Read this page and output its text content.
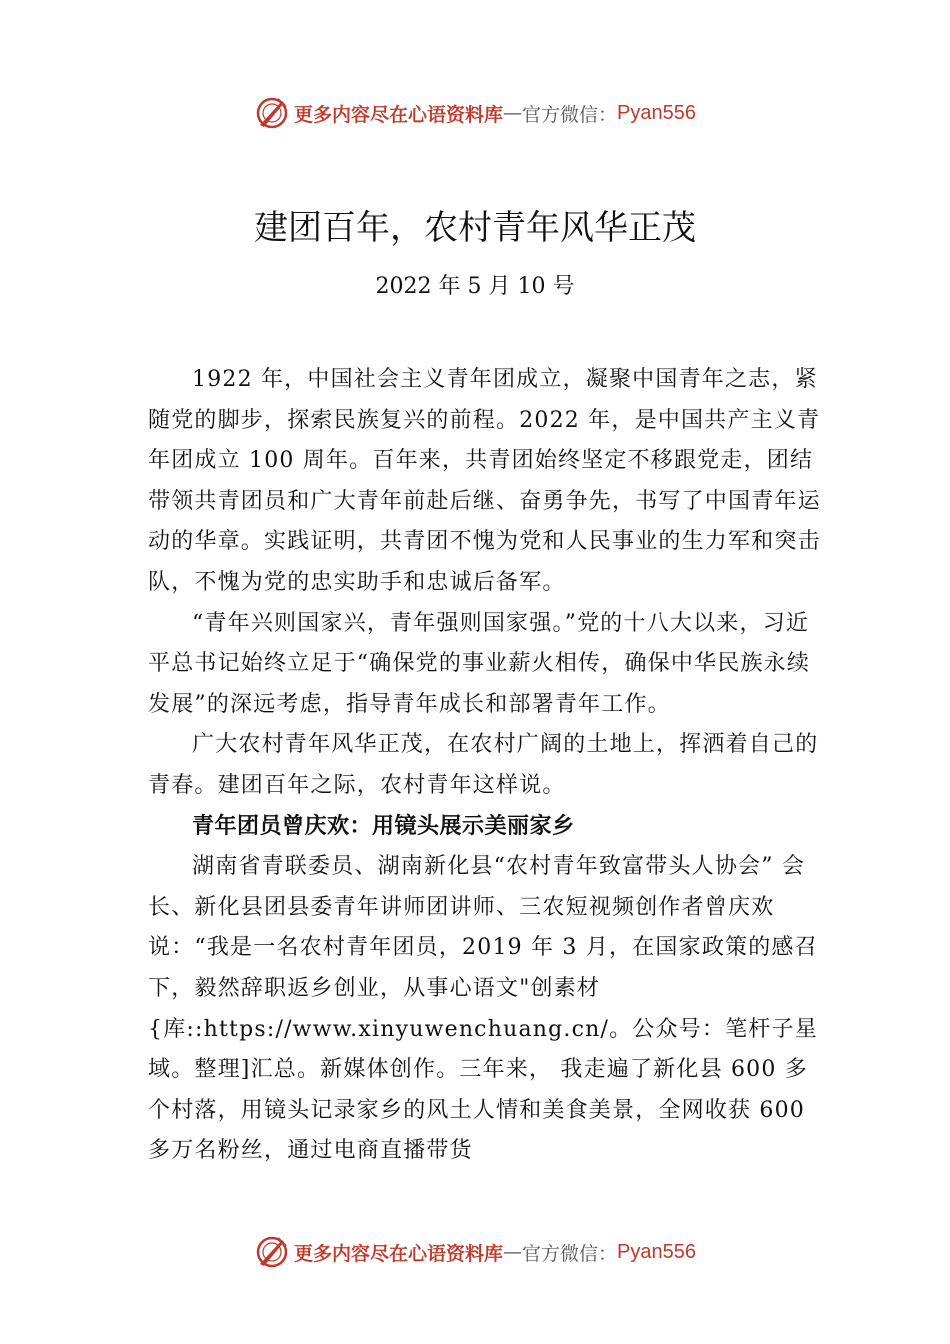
更多内容尽在心语资料库 — 官方微信： Pyan556
建团百年，农村青年风华正茂
2022 年 5 月 10 号

1922 年，中国社会主义青年团成立，凝聚中国青年之志，紧随党的脚步，探索民族复兴的前程。2022 年，是中国共产主义青年团成立 100 周年。百年来，共青团始终坚定不移跟党走，团结带领共青团员和广大青年前赴后继、奋勇争先，书写了中国青年运动的华章。实践证明，共青团不愧为党和人民事业的生力军和突击队，不愧为党的忠实助手和忠诚后备军。

“青年兴则国家兴，青年强则国家强。”党的十八大以来，习近平总书记始终立足于“确保党的事业薪火相传，确保中华民族永续发展”的深远考虑，指导青年成长和部署青年工作。

广大农村青年风华正茂，在农村广阔的土地上，挥洒着自己的青春。建团百年之际，农村青年这样说。

青年团员曾庆欢：用镜头展示美丽家乡

湖南省青联委员、湖南新化县“农村青年致富带头人协会” 会长、新化县团县委青年讲师团讲师、三农短视频创作者曾庆欢说：“我是一名农村青年团员，2019 年 3 月，在国家政策的感召下，毅然辞职返乡创业，从事心语文"创素材{库::https://www.xinyuwenchuang.cn/。公众号：笔杆子星域。整理]汇总。新媒体创作。三年来， 我走遍了新化县 600 多个村落，用镜头记录家乡的风土人情和美食美景，全网收获 600多万名粉丝，通过电商直播带货

更多内容尽在心语资料库 — 官方微信： Pyan556
